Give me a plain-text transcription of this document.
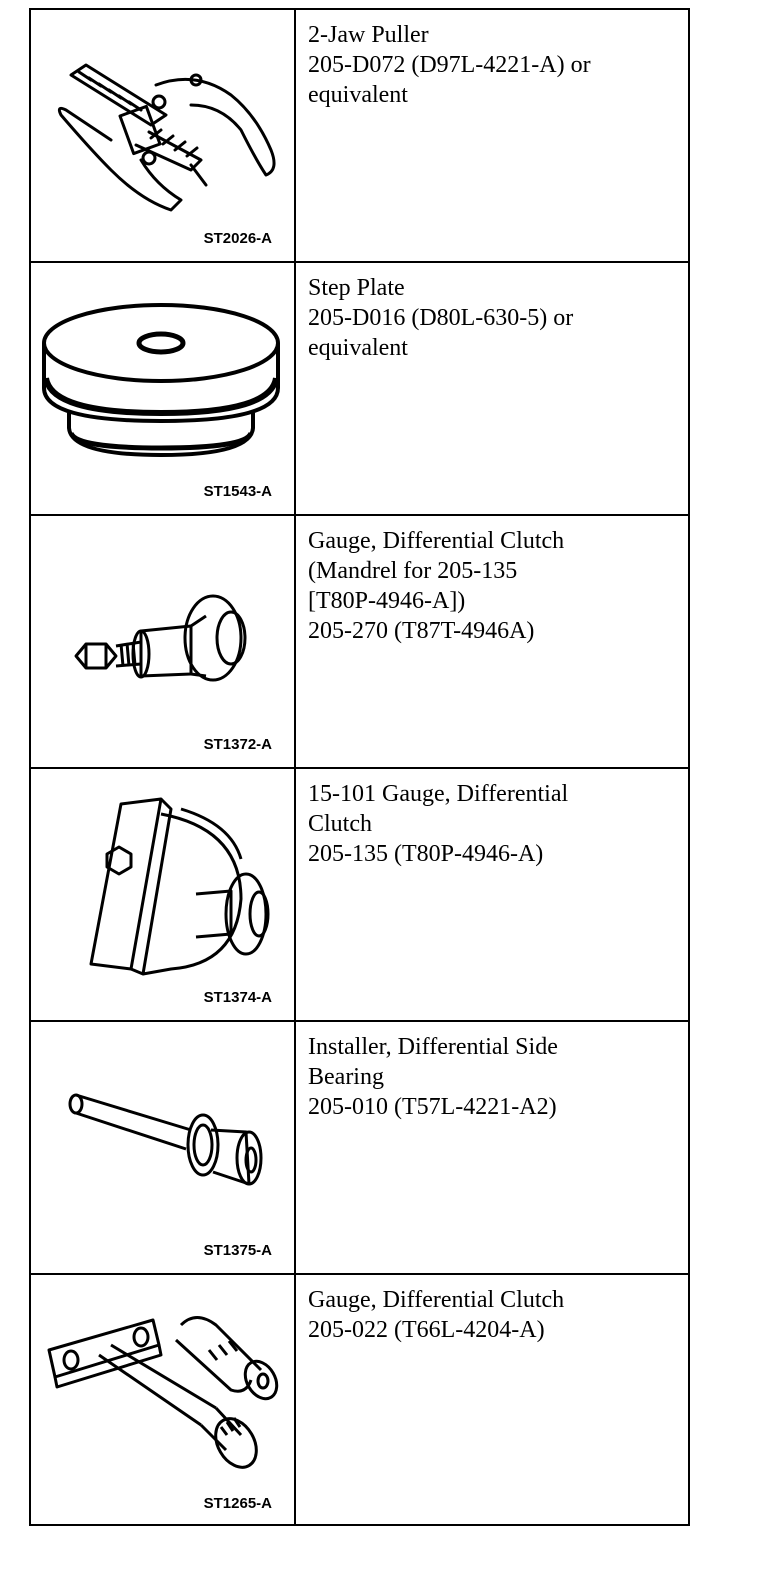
ST2026-A
2-Jaw Puller
205-D072 (D97L-4221-A) or
equivalent
ST1543-A
Step Plate
205-D016 (D80L-630-5) or
equivalent
ST1372-A
Gauge, Differential Clutch
(Mandrel for 205-135
[T80P-4946-A])
205-270 (T87T-4946A)
ST1374-A
15-101 Gauge, Differential
Clutch
205-135 (T80P-4946-A)
ST1375-A
Installer, Differential Side
Bearing
205-010 (T57L-4221-A2)
ST1265-A
Gauge, Differential Clutch
205-022 (T66L-4204-A)
